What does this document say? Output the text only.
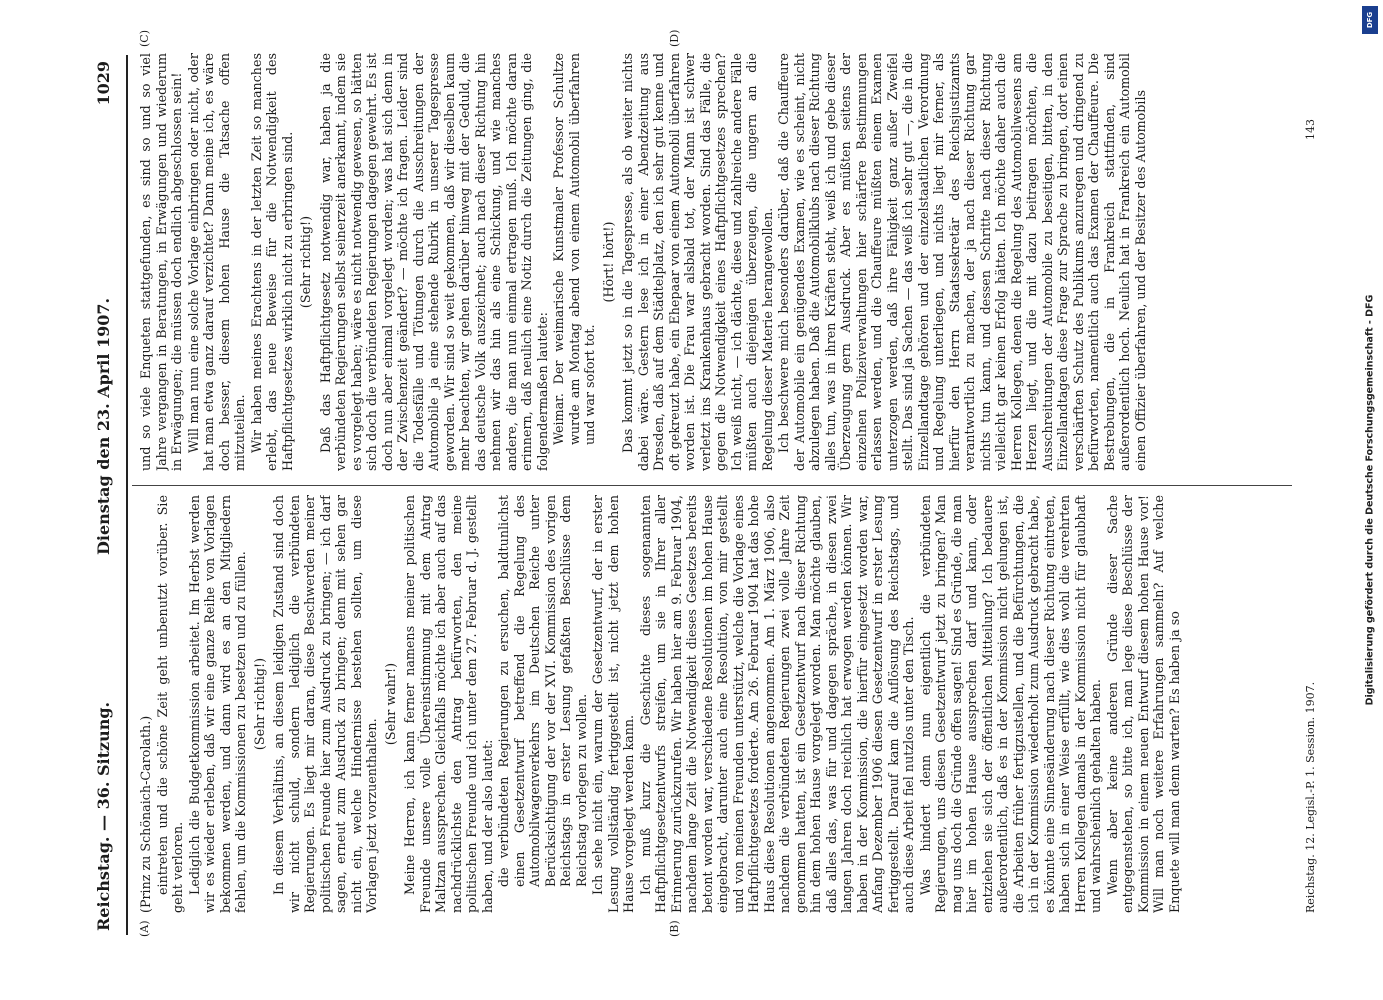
Reichstag. — 36. Sitzung.
Dienstag den 23. April 1907.
1029
(A)	(B)
(C)	(D)

(Prinz zu Schönaich-Carolath.) eintreten und die schöne Zeit geht unbenutzt vorüber. Sie geht verloren. Lediglich die Budgetkommission arbeitet. Im Herbst werden wir es wieder erleben, daß wir eine ganze Reihe von Vorlagen bekommen werden, und dann wird es an den Mitgliedern fehlen, um die Kommissionen zu besetzen und zu füllen. (Sehr richtig!) In diesem Verhältnis, an diesem leidigen Zustand sind doch wir nicht schuld, sondern lediglich die verbündeten Regierungen. Es liegt mir daran, diese Beschwerden meiner politischen Freunde hier zum Ausdruck zu bringen; — ich darf sagen, erneut zum Ausdruck zu bringen; denn mit sehen gar nicht ein, welche Hindernisse bestehen sollten, um diese Vorlagen jetzt vorzuenthalten.

(Sehr wahr!) Meine Herren, ich kann ferner namens meiner politischen Freunde unsere volle Übereinstimmung mit dem Antrag Maltzan aussprechen. Gleichfalls möchte ich aber auch auf das nachdrücklichste den Antrag befürworten, den meine politischen Freunde und ich unter dem 27. Februar d. J. gestellt haben, und der also lautet: die verbündeten Regierungen zu ersuchen, baldtunlichst einen Gesetzentwurf betreffend die Regelung des Automobilwagenverkehrs im Deutschen Reiche unter Berücksichtigung der vor der XVI. Kommission des vorigen Reichstags in erster Lesung gefaßten Beschlüsse dem Reichstag vorlegen zu wollen. Ich sehe nicht ein, warum der Gesetzentwurf, der in erster Lesung vollständig fertiggestellt ist, nicht jetzt dem hohen Hause vorgelegt werden kann. Ich muß kurz die Geschichte dieses sogenannten Haftpflichtgesetzentwurfs streifen, um sie in Ihrer aller Erinnerung zurückzurufen. Wir haben hier am 9. Februar 1904, nachdem lange Zeit die Notwendigkeit dieses Gesetzes bereits betont worden war, verschiedene Resolutionen im hohen Hause eingebracht, darunter auch eine Resolution, von mir gestellt und von meinen Freunden unterstützt, welche die Vorlage eines Haftpflichtgesetzes forderte. Am 26. Februar 1904 hat das hohe Haus diese Resolutionen angenommen. Am 1. März 1906, also nachdem die verbündeten Regierungen zwei volle Jahre Zeit genommen hatten, ist ein Gesetzentwurf nach dieser Richtung hin dem hohen Hause vorgelegt worden. Man möchte glauben, daß alles das, was für und dagegen spräche, in diesen zwei langen Jahren doch reichlich hat erwogen werden können. Wir haben in der Kommission, die hierfür eingesetzt worden war, Anfang Dezember 1906 diesen Gesetzentwurf in erster Lesung fertiggestellt. Darauf kam die Auflösung des Reichstags, und auch diese Arbeit fiel nutzlos unter den Tisch. Was hindert denn nun eigentlich die verbündeten Regierungen, uns diesen Gesetzentwurf jetzt zu bringen? Man mag uns doch die Gründe offen sagen! Sind es Gründe, die man hier im hohen Hause aussprechen darf und kann, oder entziehen sie sich der öffentlichen Mitteilung? Ich bedauere außerordentlich, daß es in der Kommission nicht gelungen ist, die Arbeiten früher fertigzustellen, und die Befürchtungen, die ich in der Kommission wiederholt zum Ausdruck gebracht habe, es könnte eine Sinnesänderung nach dieser Richtung eintreten, haben sich in einer Weise erfüllt, wie dies wohl die verehrten Herren Kollegen damals in der Kommission nicht für glaubhaft und wahrscheinlich gehalten haben. Wenn aber keine anderen Gründe dieser Sache entgegenstehen, so bitte ich, man lege diese Beschlüsse der Kommission in einem neuen Entwurf diesem hohen Hause vor! Will man noch weitere Erfahrungen sammeln? Auf welche Enquete will man denn warten? Es haben ja so

und so viele Enqueten stattgefunden, es sind so und so viel Jahre vergangen in Beratungen, in Erwägungen und wiederum in Erwägungen; die müssen doch endlich abgeschlossen sein! Will man nun eine solche Vorlage einbringen oder nicht, oder hat man etwa ganz darauf verzichtet? Dann meine ich, es wäre doch besser, diesem hohen Hause die Tatsache offen mitzuteilen. Wir haben meines Erachtens in der letzten Zeit so manches erlebt, das neue Beweise für die Notwendigkeit des Haftpflichtgesetzes wirklich nicht zu erbringen sind. (Sehr richtig!) Daß das Haftpflichtgesetz notwendig war, haben ja die verbündeten Regierungen selbst seinerzeit anerkannt, indem sie es vorgelegt haben; wäre es nicht notwendig gewesen, so hätten sich doch die verbündeten Regierungen dagegen gewehrt. Es ist doch nun aber einmal vorgelegt worden; was hat sich denn in der Zwischenzeit geändert? — möchte ich fragen. Leider sind die Todesfälle und Tötungen durch die Ausschreitungen der Automobile ja eine stehende Rubrik in unserer Tagespresse geworden. Wir sind so weit gekommen, daß wir dieselben kaum mehr beachten, wir gehen darüber hinweg mit der Geduld, die das deutsche Volk auszeichnet; auch nach dieser Richtung hin nehmen wir das hin als eine Schickung, und wie manches andere, die man nun einmal ertragen muß. Ich möchte daran erinnern, daß neulich eine Notiz durch die Zeitungen ging, die folgendermaßen lautete: Weimar. Der weimarische Kunstmaler Professor Schultze wurde am Montag abend von einem Automobil überfahren und war sofort tot.

(Hört! hört!) Das kommt jetzt so in die Tagespresse, als ob weiter nichts dabei wäre. Gestern lese ich in einer Abendzeitung aus Dresden, daß auf dem Städtelplatz, den ich sehr gut kenne und oft gekreuzt habe, ein Ehepaar von einem Automobil überfahren worden ist. Die Frau war alsbald tot, der Mann ist schwer verletzt ins Krankenhaus gebracht worden. Sind das Fälle, die gegen die Notwendigkeit eines Haftpflichtgesetzes sprechen? Ich weiß nicht, — ich dächte, diese und zahlreiche andere Fälle müßten auch diejenigen überzeugen, die ungern an die Regelung dieser Materie herangewollen. Ich beschwere mich besonders darüber, daß die Chauffeure der Automobile ein genügendes Examen, wie es scheint, nicht abzulegen haben. Daß die Automobilklubs nach dieser Richtung alles tun, was in ihren Kräften steht, weiß ich und gebe dieser Überzeugung gern Ausdruck. Aber es müßten seitens der einzelnen Polizeiverwaltungen hier schärfere Bestimmungen erlassen werden, und die Chauffeure müßten einem Examen unterzogen werden, daß ihre Fähigkeit ganz außer Zweifel stellt. Das sind ja Sachen — das weiß ich sehr gut —, die in die Einzellandtage gehören und der einzelstaatlichen Verordnung und Regelung unterliegen, und nichts liegt mir ferner, als hierfür den Herrn Staatssekretär des Reichsjustizamts verantwortlich zu machen, der ja nach dieser Richtung gar nichts tun kann, und dessen Schritte nach dieser Richtung vielleicht gar keinen Erfolg hätten. Ich möchte daher auch die Herren Kollegen, denen die Regelung des Automobilwesens am Herzen liegt, und die mit dazu beitragen möchten, die Ausschreitungen der Automobile zu beseitigen, bitten, in den Einzellandtagen diese Frage zur Sprache zu bringen, dort einen verschärften Schutz des Publikums anzuregen und dringend zu befürworten, namentlich auch das Examen der Chauffeure. Die Bestrebungen, die in Frankreich stattfinden, sind außerordentlich hoch. Neulich hat in Frankreich ein Automobil einen Offizier überfahren, und der Besitzer des Automobils

Reichstag. 12. Legisl.-P. 1. Session. 1907.
143
Digitalisierung gefördert durch die Deutsche Forschungsgemeinschaft - DFG
DFG
